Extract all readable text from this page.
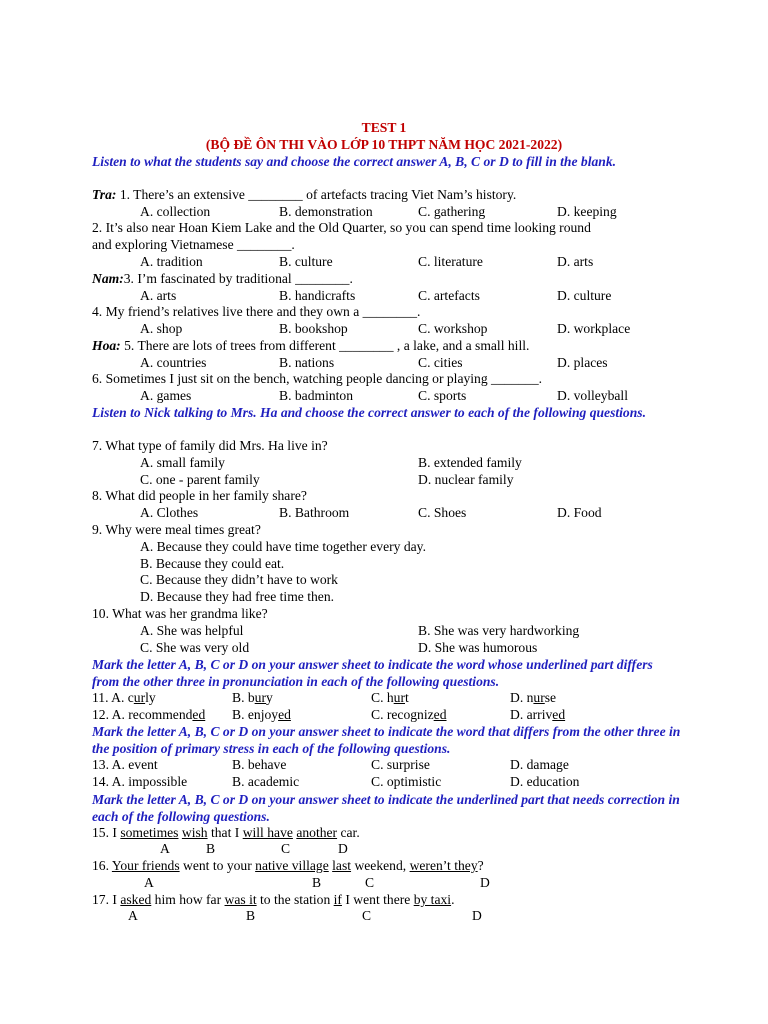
TEST 1
(BỘ ĐỀ ÔN THI VÀO LỚP 10 THPT NĂM HỌC 2021-2022)
Listen to what the students say and choose the correct answer A, B, C or D to fill in the blank.
Tra: 1. There’s an extensive ________ of artefacts tracing Viet Nam’s history.
A. collection	B. demonstration	C. gathering	D. keeping
2. It’s also near Hoan Kiem Lake and the Old Quarter, so you can spend time looking round
and exploring Vietnamese ________.
A. tradition	B. culture	C. literature	D. arts
Nam:3. I’m fascinated by traditional ________.
A. arts	B. handicrafts	C. artefacts	D. culture
4. My friend’s relatives live there and they own a ________.
A. shop	B. bookshop	C. workshop	D. workplace
Hoa: 5. There are lots of trees from different ________ , a lake, and a small hill.
A. countries	B. nations	C. cities	D. places
6. Sometimes I just sit on the bench, watching people dancing or playing _______.
A. games	B. badminton	C. sports	D. volleyball
Listen to Nick talking to Mrs. Ha and choose the correct answer to each of the following questions.
7. What type of family did Mrs. Ha live in?
A. small family	B. extended family
C. one - parent family	D. nuclear family
8. What did people in her family share?
A. Clothes	B. Bathroom	C. Shoes	D. Food
9. Why were meal times great?
A. Because they could have time together every day.
B. Because they could eat.
C. Because they didn’t have to work
D. Because they had free time then.
10. What was her grandma like?
A. She was helpful	B. She was very hardworking
C. She was very old	D. She was humorous
Mark the letter A, B, C or D on your answer sheet to indicate the word whose underlined part differs from the other three in pronunciation in each of the following questions.
11. A. curly	B. bury	C. hurt	D. nurse
12. A. recommended B. enjoyed	C. recognized	D. arrived
Mark the letter A, B, C or D on your answer sheet to indicate the word that differs from the other three in the position of primary stress in each of the following questions.
13. A. event	B. behave	C. surprise	D. damage
14. A. impossible	B. academic	C. optimistic	D. education
Mark the letter A, B, C or D on your answer sheet to indicate the underlined part that needs correction in each of the following questions.
15. I sometimes wish that I will have another car.
A	B	C	D
16. Your friends went to your native village last weekend, weren’t they?
A	B	C	D
17. I asked him how far was it to the station if I went there by taxi.
A	B	C	D
